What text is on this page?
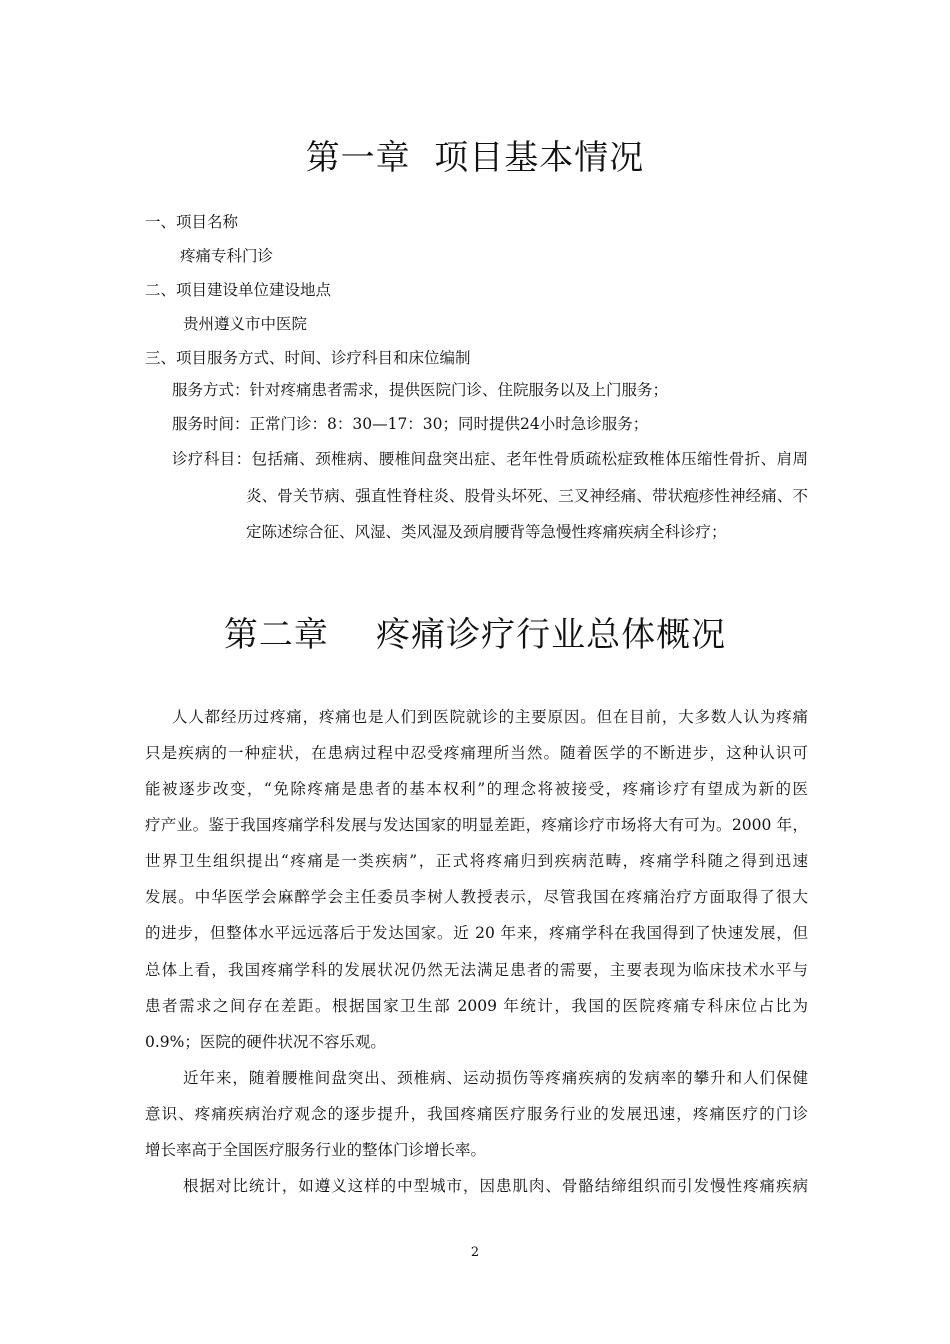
第一章  项目基本情况
一、项目名称
疼痛专科门诊
二、项目建设单位建设地点
贵州遵义市中医院
三、项目服务方式、时间、诊疗科目和床位编制
服务方式：针对疼痛患者需求，提供医院门诊、住院服务以及上门服务；
服务时间：正常门诊：8：30—17：30；同时提供24小时急诊服务；
诊疗科目：包括痛、颈椎病、腰椎间盘突出症、老年性骨质疏松症致椎体压缩性骨折、肩周
炎、骨关节病、强直性脊柱炎、股骨头坏死、三叉神经痛、带状疱疹性神经痛、不
定陈述综合征、风湿、类风湿及颈肩腰背等急慢性疼痛疾病全科诊疗；
第二章    疼痛诊疗行业总体概况
人人都经历过疼痛，疼痛也是人们到医院就诊的主要原因。但在目前，大多数人认为疼痛
只是疾病的一种症状，在患病过程中忍受疼痛理所当然。随着医学的不断进步，这种认识可
能被逐步改变，“免除疼痛是患者的基本权利”的理念将被接受，疼痛诊疗有望成为新的医
疗产业。鉴于我国疼痛学科发展与发达国家的明显差距，疼痛诊疗市场将大有可为。2000 年，
世界卫生组织提出“疼痛是一类疾病”，正式将疼痛归到疾病范畴，疼痛学科随之得到迅速
发展。中华医学会麻醉学会主任委员李树人教授表示，尽管我国在疼痛治疗方面取得了很大
的进步，但整体水平远远落后于发达国家。近 20 年来，疼痛学科在我国得到了快速发展，但
总体上看，我国疼痛学科的发展状况仍然无法满足患者的需要，主要表现为临床技术水平与
患者需求之间存在差距。根据国家卫生部 2009 年统计，我国的医院疼痛专科床位占比为
0.9%；医院的硬件状况不容乐观。
近年来，随着腰椎间盘突出、颈椎病、运动损伤等疼痛疾病的发病率的攀升和人们保健
意识、疼痛疾病治疗观念的逐步提升，我国疼痛医疗服务行业的发展迅速，疼痛医疗的门诊
增长率高于全国医疗服务行业的整体门诊增长率。
根据对比统计，如遵义这样的中型城市，因患肌肉、骨骼结缔组织而引发慢性疼痛疾病
2
